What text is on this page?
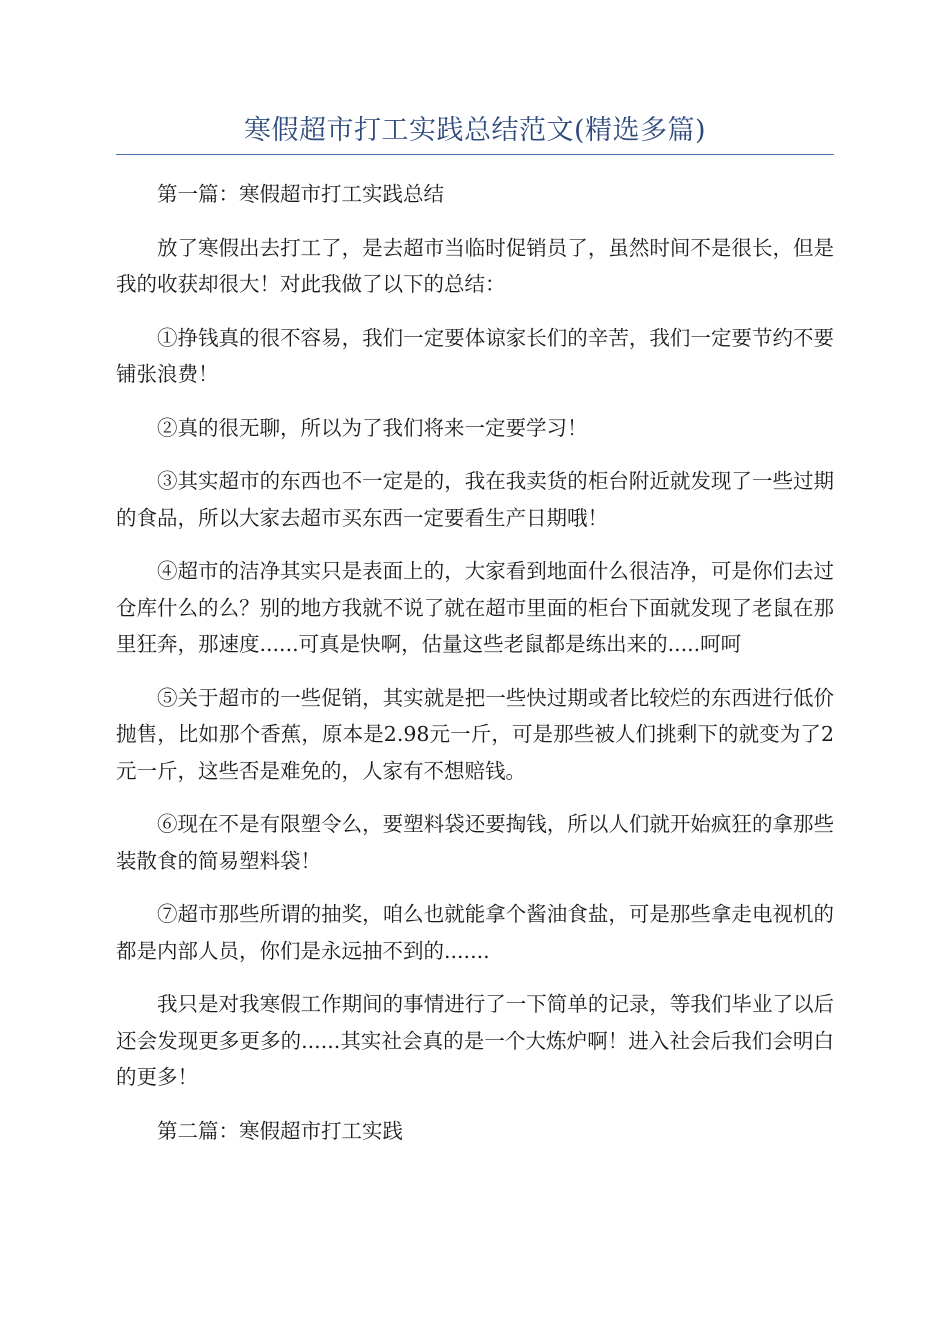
寒假超市打工实践总结范文(精选多篇)

第一篇：寒假超市打工实践总结

放了寒假出去打工了，是去超市当临时促销员了，虽然时间不是很长，但是我的收获却很大！对此我做了以下的总结：

①挣钱真的很不容易，我们一定要体谅家长们的辛苦，我们一定要节约不要铺张浪费！

②真的很无聊，所以为了我们将来一定要学习！

③其实超市的东西也不一定是的，我在我卖货的柜台附近就发现了一些过期的食品，所以大家去超市买东西一定要看生产日期哦！

④超市的洁净其实只是表面上的，大家看到地面什么很洁净，可是你们去过仓库什么的么？别的地方我就不说了就在超市里面的柜台下面就发现了老鼠在那里狂奔，那速度......可真是快啊，估量这些老鼠都是练出来的.....呵呵

⑤关于超市的一些促销，其实就是把一些快过期或者比较烂的东西进行低价抛售，比如那个香蕉，原本是2.98元一斤，可是那些被人们挑剩下的就变为了2元一斤，这些否是难免的，人家有不想赔钱。

⑥现在不是有限塑令么，要塑料袋还要掏钱，所以人们就开始疯狂的拿那些装散食的简易塑料袋！

⑦超市那些所谓的抽奖，咱么也就能拿个酱油食盐，可是那些拿走电视机的都是内部人员，你们是永远抽不到的.......

我只是对我寒假工作期间的事情进行了一下简单的记录，等我们毕业了以后还会发现更多更多的......其实社会真的是一个大炼炉啊！进入社会后我们会明白的更多！

第二篇：寒假超市打工实践
